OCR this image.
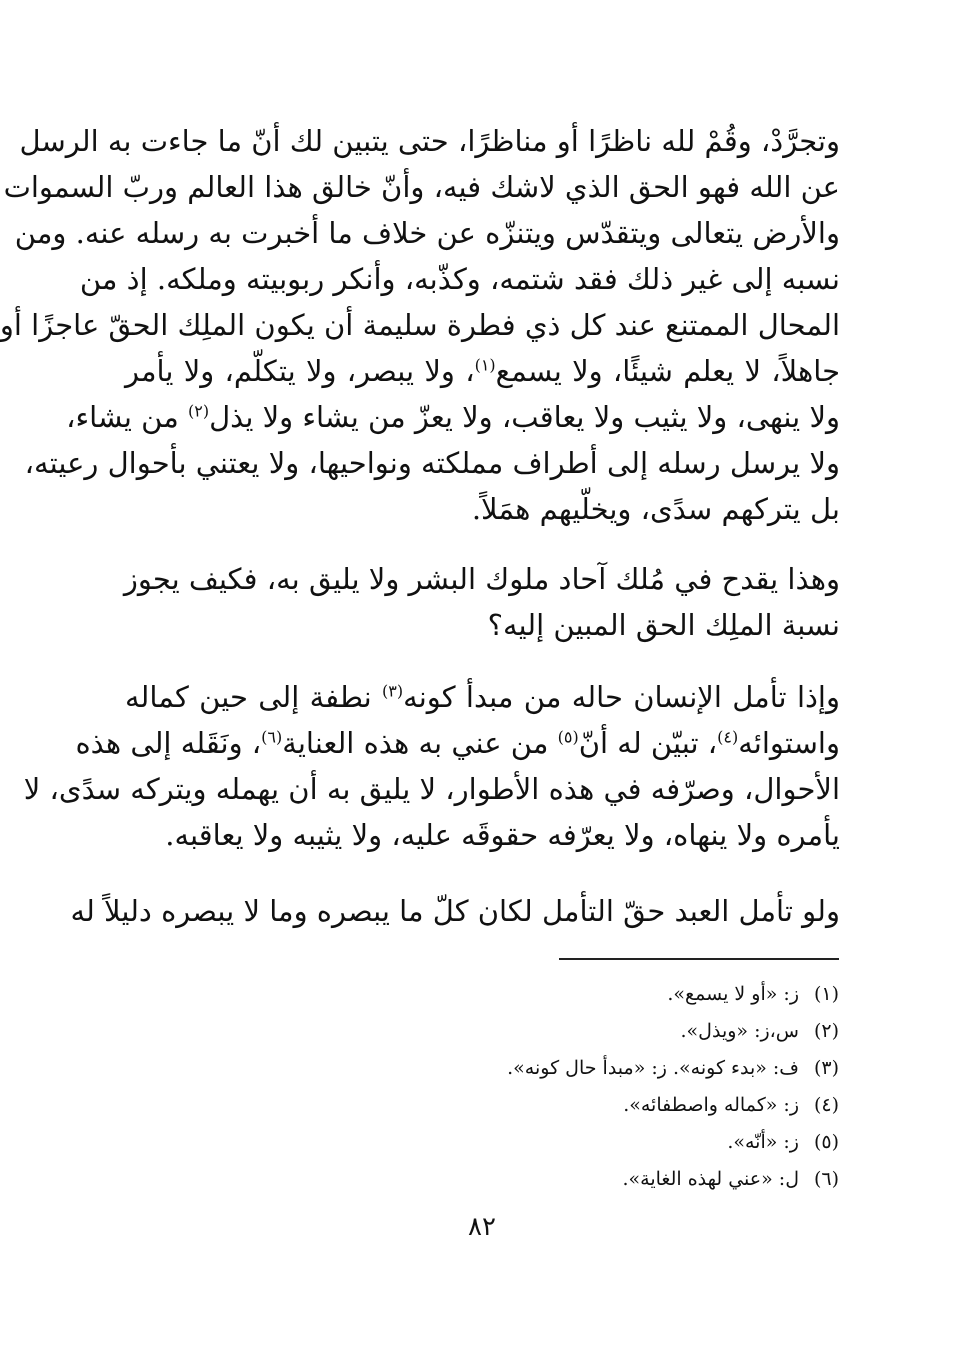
وتجرَّدْ، وقُمْ لله ناظرًا أو مناظرًا، حتى يتبين لك أنّ ما جاءت به الرسل
عن الله فهو الحق الذي لاشك فيه، وأنّ خالق هذا العالم وربّ السموات
والأرض يتعالى ويتقدّس ويتنزّه عن خلاف ما أخبرت به رسله عنه. ومن
نسبه إلى غير ذلك فقد شتمه، وكذّبه، وأنكر ربوبيته وملكه. إذ من
المحال الممتنع عند كل ذي فطرة سليمة أن يكون الملِك الحقّ عاجزًا أو
جاهلاً، لا يعلم شيئًا، ولا يسمع$^{(١)}$، ولا يبصر، ولا يتكلّم، ولا يأمر
ولا ينهى، ولا يثيب ولا يعاقب، ولا يعزّ من يشاء ولا يذل$^{(٢)}$ من يشاء،
ولا يرسل رسله إلى أطراف مملكته ونواحيها، ولا يعتني بأحوال رعيته،
بل يتركهم سدًى، ويخلّيهم همَلاً.

وهذا يقدح في مُلك آحاد ملوك البشر ولا يليق به، فكيف يجوز
نسبة الملِك الحق المبين إليه؟

وإذا تأمل الإنسان حاله من مبدأ كونه$^{(٣)}$ نطفة إلى حين كماله
واستوائه$^{(٤)}$، تبيّن له أنّ$^{(٥)}$ من عني به هذه العناية$^{(٦)}$، ونَقَله إلى هذه
الأحوال، وصرّفه في هذه الأطوار، لا يليق به أن يهمله ويتركه سدًى، لا
يأمره ولا ينهاه، ولا يعرّفه حقوقَه عليه، ولا يثيبه ولا يعاقبه.

ولو تأمل العبد حقّ التأمل لكان كلّ ما يبصره وما لا يبصره دليلاً له

(١)ز: «أو لا يسمع».
(٢)س،ز: «ويذل».
(٣)ف: «بدء كونه». ز: «مبدأ حال كونه».
(٤)ز: «كماله واصطفائه».
(٥)ز: «أنّه».
(٦)ل: «عني لهذه الغاية».
٨٢
